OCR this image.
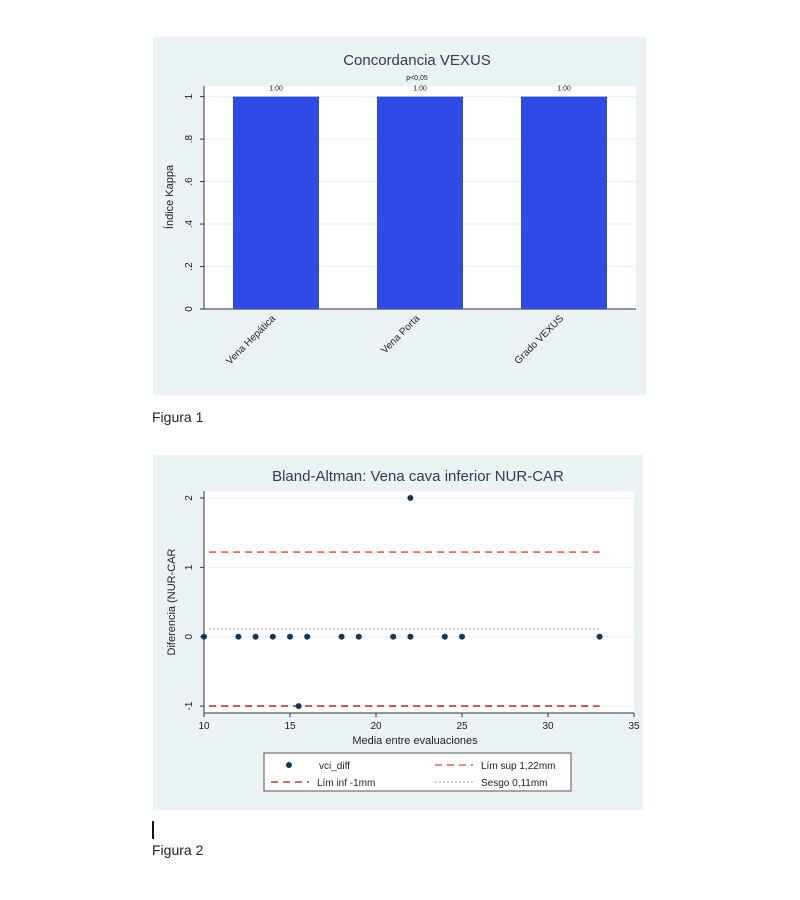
0
.2
.4
.6
.8
1
1.00
Vena Hepática
1.00
Vena Porta
1.00
Grado VEXUS
Concordancia VEXUS
p<0,05
Índice Kappa
Figura 1
-1
0
1
2
10	15	20	25	30	35
Bland-Altman: Vena cava inferior NUR-CAR
Media entre evaluaciones
Diferencia (NUR-CAR
vci_diff	Lím sup 1,22mm
Lím inf -1mm	Sesgo 0,11mm
Figura 2
